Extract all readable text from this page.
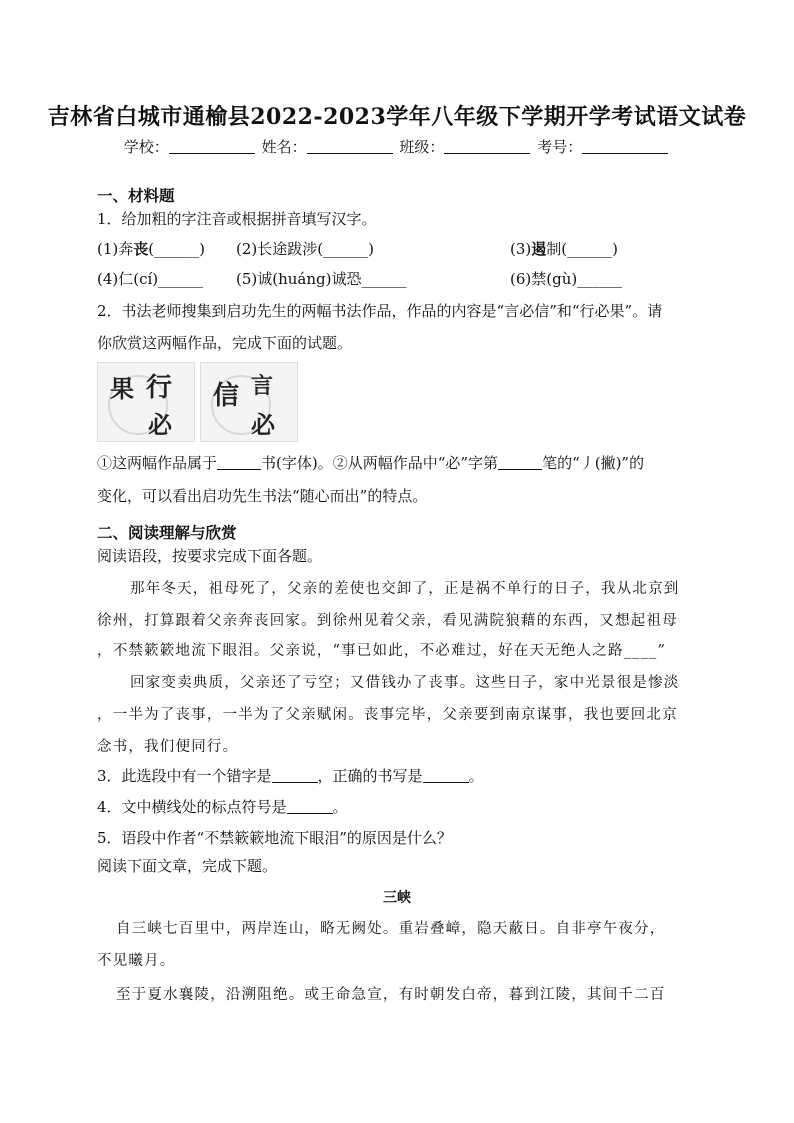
吉林省白城市通榆县2022-2023学年八年级下学期开学考试语文试卷
学校：	姓名：	班级：	考号：
一、材料题
1．给加粗的字注音或根据拼音填写汉字。
(1)奔丧(______) (2)长途跋涉(______)	(3)遏制(______)
(4)仁(cí)______ (5)诚(huáng)诚恐______	(6)禁(gù)______
2．书法老师搜集到启功先生的两幅书法作品，作品的内容是“言必信”和“行必果”。请
你欣赏这两幅作品，完成下面的试题。
果 行
必
信 言
必
①这两幅作品属于	书(字体)。②从两幅作品中“必”字第	笔的“丿(撇)”的
变化，可以看出启功先生书法“随心而出”的特点。
二、阅读理解与欣赏
阅读语段，按要求完成下面各题。
那年冬天，祖母死了，父亲的差使也交卸了，正是祸不单行的日子，我从北京到
徐州，打算跟着父亲奔丧回家。到徐州见着父亲，看见满院狼藉的东西，又想起祖母
，不禁簌簌地流下眼泪。父亲说，“事已如此，不必难过，好在天无绝人之路____”
回家变卖典质，父亲还了亏空；又借钱办了丧事。这些日子，家中光景很是惨淡
，一半为了丧事，一半为了父亲赋闲。丧事完毕，父亲要到南京谋事，我也要回北京
念书，我们便同行。
3．此选段中有一个错字是	，正确的书写是	。
4．文中横线处的标点符号是	。
5．语段中作者“不禁簌簌地流下眼泪”的原因是什么？
阅读下面文章，完成下题。
三峡
自三峡七百里中，两岸连山，略无阙处。重岩叠嶂，隐天蔽日。自非亭午夜分，
不见曦月。
至于夏水襄陵，沿溯阻绝。或王命急宣，有时朝发白帝，暮到江陵，其间千二百
